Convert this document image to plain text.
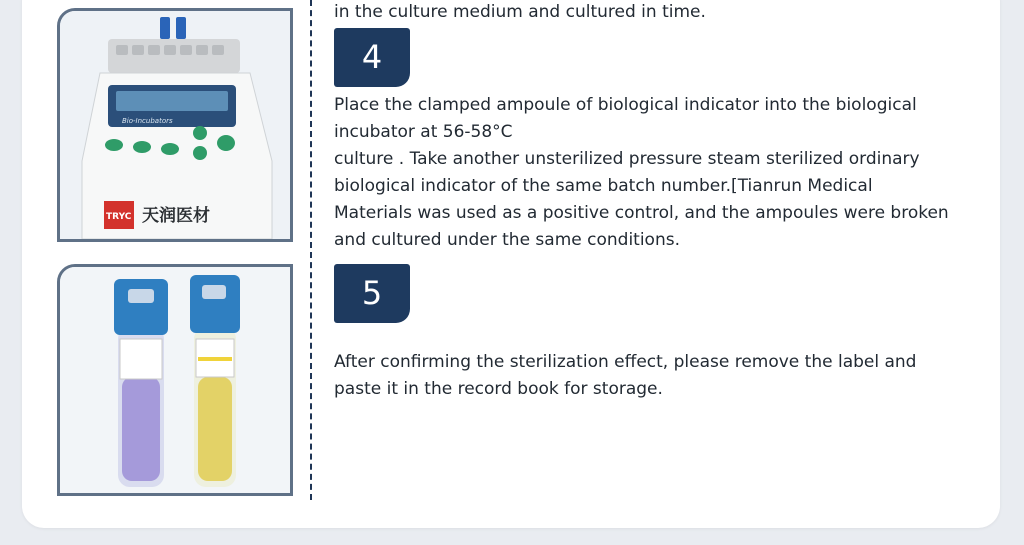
Bio-Incubators
TRYC 天润医材

in the culture medium and cultured in time.

4

Place the clamped ampoule of biological indicator into the biological
incubator at 56-58°C
culture . Take another unsterilized pressure steam sterilized ordinary
biological indicator of the same batch number.[Tianrun Medical
Materials was used as a positive control, and the ampoules were broken
and cultured under the same conditions.

5

After confirming the sterilization effect, please remove the label and
paste it in the record book for storage.
